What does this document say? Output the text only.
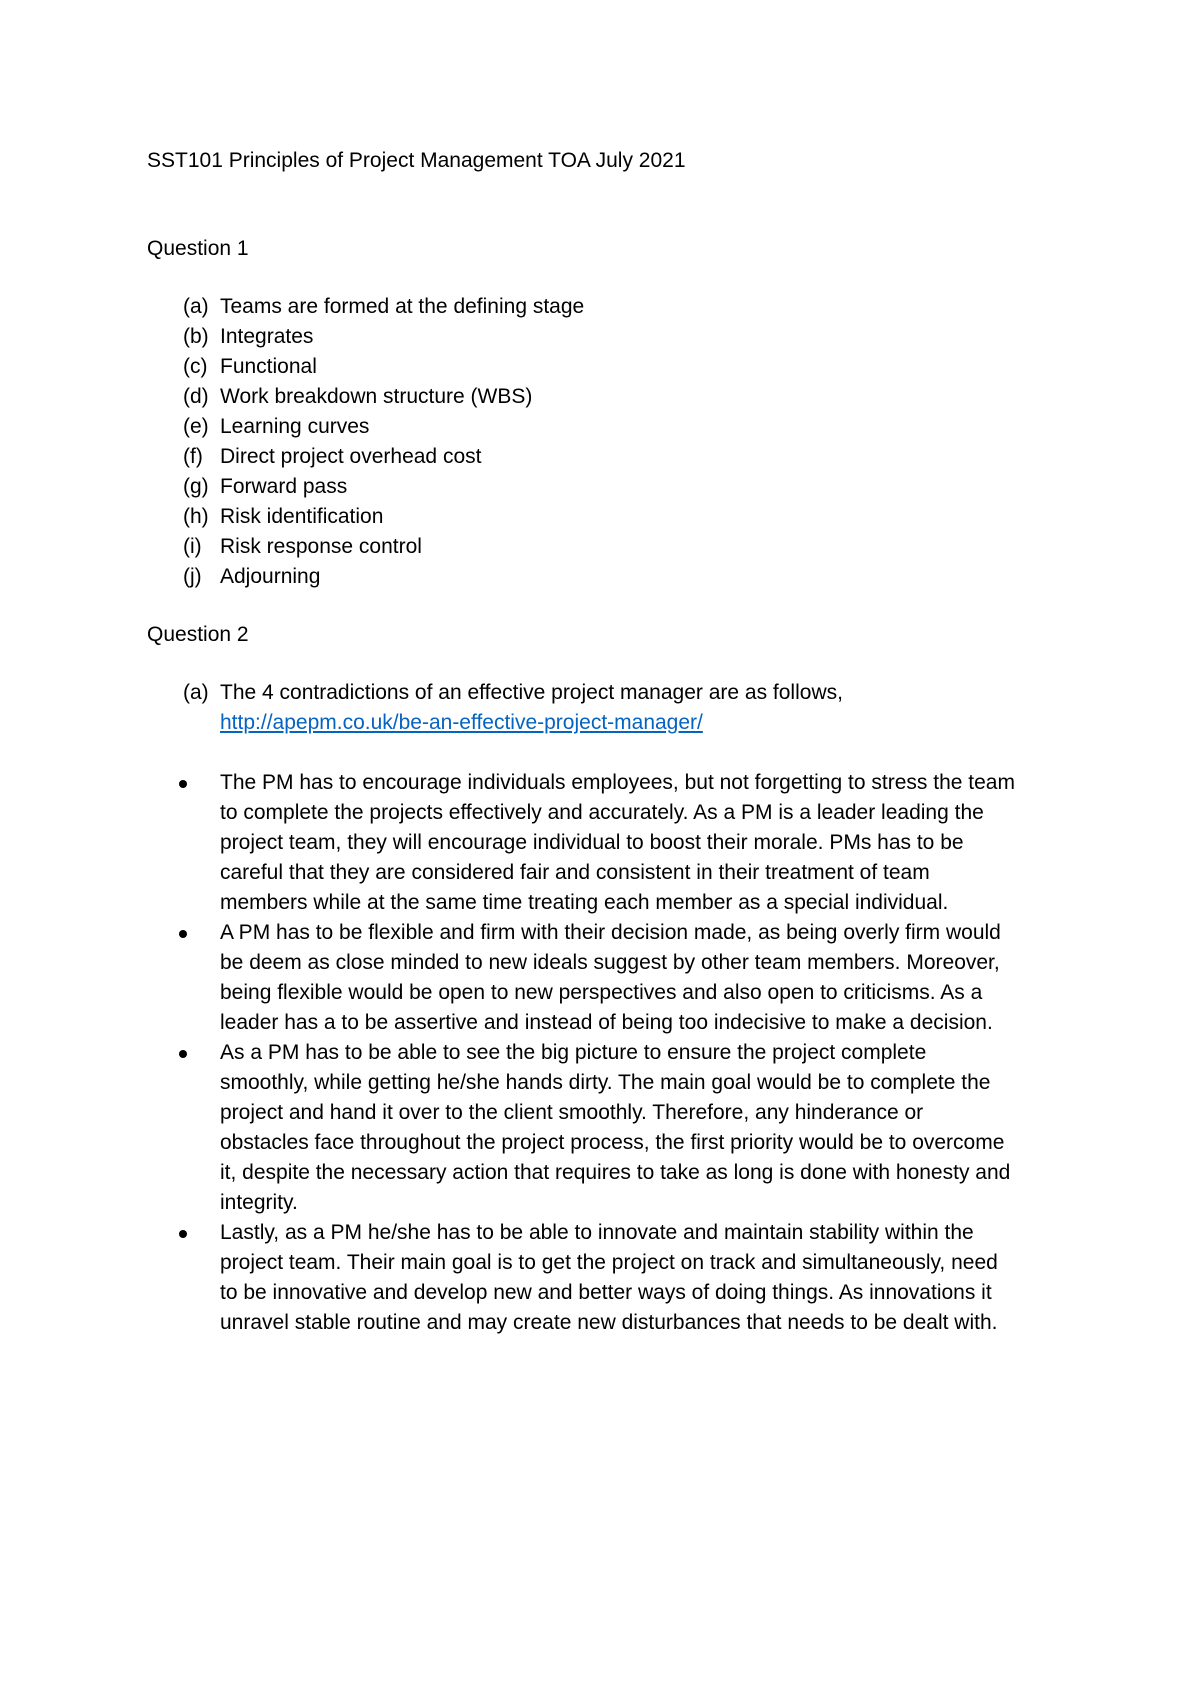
SST101 Principles of Project Management TOA July 2021

Question 1

(a) Teams are formed at the defining stage
(b) Integrates
(c) Functional
(d) Work breakdown structure (WBS)
(e) Learning curves
(f) Direct project overhead cost
(g) Forward pass
(h) Risk identification
(i) Risk response control
(j) Adjourning

Question 2

(a) The 4 contradictions of an effective project manager are as follows,
http://apepm.co.uk/be-an-effective-project-manager/
The PM has to encourage individuals employees, but not forgetting to stress the team to complete the projects effectively and accurately. As a PM is a leader leading the project team, they will encourage individual to boost their morale. PMs has to be careful that they are considered fair and consistent in their treatment of team members while at the same time treating each member as a special individual.
A PM has to be flexible and firm with their decision made, as being overly firm would be deem as close minded to new ideals suggest by other team members. Moreover, being flexible would be open to new perspectives and also open to criticisms. As a leader has a to be assertive and instead of being too indecisive to make a decision.
As a PM has to be able to see the big picture to ensure the project complete smoothly, while getting he/she hands dirty. The main goal would be to complete the project and hand it over to the client smoothly. Therefore, any hinderance or obstacles face throughout the project process, the first priority would be to overcome it, despite the necessary action that requires to take as long is done with honesty and integrity.
Lastly, as a PM he/she has to be able to innovate and maintain stability within the project team. Their main goal is to get the project on track and simultaneously, need to be innovative and develop new and better ways of doing things. As innovations it unravel stable routine and may create new disturbances that needs to be dealt with.
